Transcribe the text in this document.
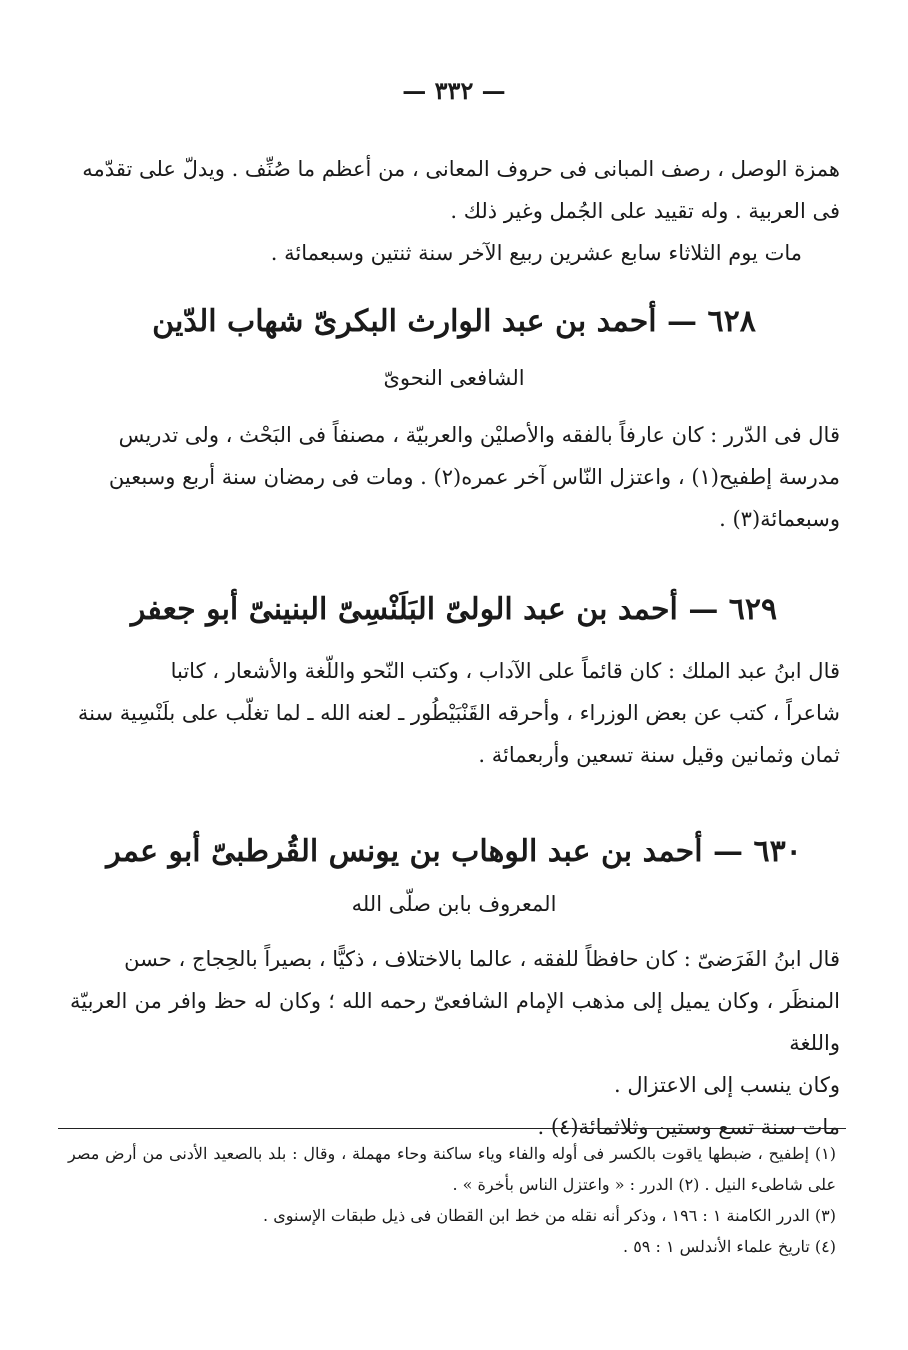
— ٣٣٢ —

همزة الوصل ، رصف المبانى فى حروف المعانى ، من أعظم ما صُنِّف . ويدلّ على تقدّمه

فى العربية . وله تقييد على الجُمل وغير ذلك .

مات يوم الثلاثاء سابع عشرين ربيع الآخر سنة ثنتين وسبعمائة .

٦٢٨ — أحمد بن عبد الوارث البكرىّ شهاب الدّين
الشافعى النحوىّ

قال فى الدّرر : كان عارفاً بالفقه والأصليْن والعربيّة ، مصنفاً فى البَحْث ، ولى تدريس

مدرسة إطفيح(١) ، واعتزل النّاس آخر عمره(٢) . ومات فى رمضان سنة أربع وسبعين

وسبعمائة(٣) .

٦٢٩ — أحمد بن عبد الولىّ البَلَنْسِىّ البنينىّ أبو جعفر

قال ابنُ عبد الملك : كان قائماً على الآداب ، وكتب النّحو واللّغة والأشعار ، كاتبا

شاعراً ، كتب عن بعض الوزراء ، وأحرقه القَنْبَيْطُور ـ لعنه الله ـ لما تغلّب على بلَنْسِية سنة

ثمان وثمانين وقيل سنة تسعين وأربعمائة .

٦٣٠ — أحمد بن عبد الوهاب بن يونس القُرطبىّ أبو عمر
المعروف بابن صلّى الله

قال ابنُ الفَرَضىّ : كان حافظاً للفقه ، عالما بالاختلاف ، ذكيًّا ، بصيراً بالحِجاج ، حسن

المنظَر ، وكان يميل إلى مذهب الإمام الشافعىّ رحمه الله ؛ وكان له حظ وافر من العربيّة واللغة

وكان ينسب إلى الاعتزال .

مات سنة تسع وستين وثلاثمائة(٤) .

(١) إطفيح ، ضبطها ياقوت بالكسر فى أوله والفاء وياء ساكنة وحاء مهملة ، وقال : بلد بالصعيد الأدنى من أرض مصر على شاطىء النيل . (٢) الدرر : « واعتزل الناس بأخرة » .

(٣) الدرر الكامنة ١ : ١٩٦ ، وذكر أنه نقله من خط ابن القطان فى ذيل طبقات الإسنوى .

(٤) تاريخ علماء الأندلس ١ : ٥٩ .
